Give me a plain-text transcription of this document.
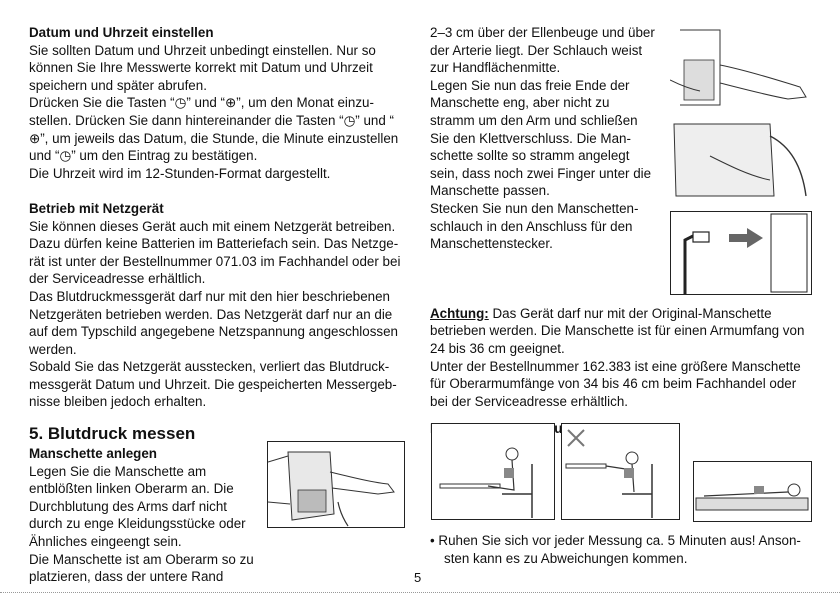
Datum und Uhrzeit einstellen

Sie sollten Datum und Uhrzeit unbedingt einstellen. Nur so

können Sie Ihre Messwerte korrekt mit Datum und Uhrzeit

speichern und später abrufen.

Drücken Sie die Tasten “◷” und “⊕”, um den Monat einzu-

stellen. Drücken Sie dann hintereinander die Tasten “◷” und “

⊕”, um jeweils das Datum, die Stunde, die Minute einzustellen

und “◷” um den Eintrag zu bestätigen.

Die Uhrzeit wird im 12-Stunden-Format dargestellt.

Betrieb mit Netzgerät

Sie können dieses Gerät auch mit einem Netzgerät betreiben.

Dazu dürfen keine Batterien im Batteriefach sein. Das Netzge-

rät ist unter der Bestellnummer 071.03 im Fachhandel oder bei

der Serviceadresse erhältlich.

Das Blutdruckmessgerät darf nur mit den hier beschriebenen

Netzgeräten betrieben werden. Das Netzgerät darf nur an die

auf dem Typschild angegebene Netzspannung angeschlossen

werden.

Sobald Sie das Netzgerät ausstecken, verliert das Blutdruck-

messgerät Datum und Uhrzeit. Die gespeicherten Messergeb-

nisse bleiben jedoch erhalten.

5. Blutdruck messen

Manschette anlegen

Legen Sie die Manschette am

entblößten linken Oberarm an. Die

Durchblutung des Arms darf nicht

durch zu enge Kleidungsstücke oder

Ähnliches eingeengt sein.

Die Manschette ist am Oberarm so zu

platzieren, dass der untere Rand

2–3 cm über der Ellenbeuge und über

der Arterie liegt. Der Schlauch weist

zur Handflächenmitte.

Legen Sie nun das freie Ende der

Manschette eng, aber nicht zu

stramm um den Arm und schließen

Sie den Klettverschluss. Die Man-

schette sollte so stramm angelegt

sein, dass noch zwei Finger unter die

Manschette passen.

Stecken Sie nun den Manschetten-

schlauch in den Anschluss für den

Manschettenstecker.

Achtung: Das Gerät darf nur mit der Original-Manschette

betrieben werden. Die Manschette ist für einen Armumfang von

24 bis 36 cm geeignet.

Unter der Bestellnummer 162.383 ist eine größere Manschette

für Oberarmumfänge von 34 bis 46 cm beim Fachhandel oder

bei der Serviceadresse erhältlich.

• Ruhen Sie sich vor jeder Messung ca. 5 Minuten aus! Anson-

sten kann es zu Abweichungen kommen.

5
